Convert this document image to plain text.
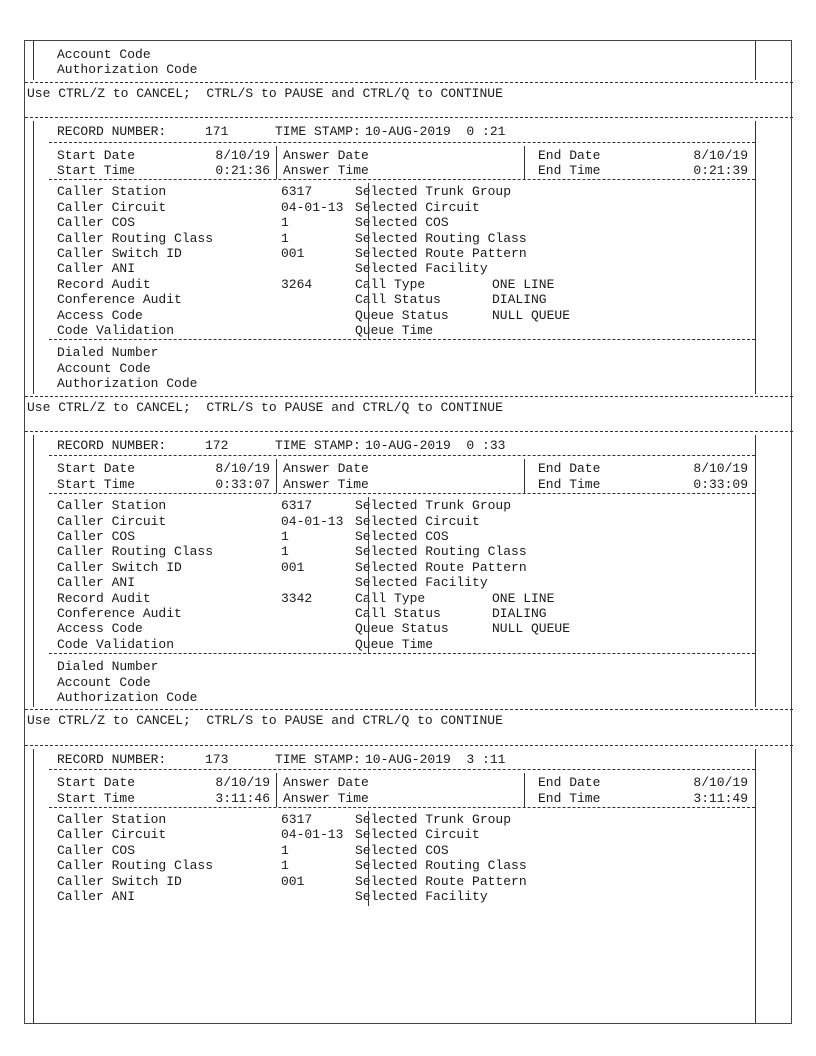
Account Code
Authorization Code
Use CTRL/Z to CANCEL;  CTRL/S to PAUSE and CTRL/Q to CONTINUE
RECORD NUMBER:	171	TIME STAMP: 10-AUG-2019  0 :21
Start Date	8/10/19 Answer Date	End Date	8/10/19
Start Time	0:21:36 Answer Time	End Time	0:21:39
Caller Station	6317	Selected Trunk Group
Caller Circuit	04-01-13 Selected Circuit
Caller COS	1	Selected COS
Caller Routing Class	1	Selected Routing Class
Caller Switch ID	001	Selected Route Pattern
Caller ANI	Selected Facility
Record Audit	3264	Call Type	ONE LINE
Conference Audit	Call Status	DIALING
Access Code	Queue Status	NULL QUEUE
Code Validation	Queue Time
Dialed Number
Account Code
Authorization Code
Use CTRL/Z to CANCEL;  CTRL/S to PAUSE and CTRL/Q to CONTINUE
RECORD NUMBER:	172	TIME STAMP: 10-AUG-2019  0 :33
Start Date	8/10/19 Answer Date	End Date	8/10/19
Start Time	0:33:07 Answer Time	End Time	0:33:09
Caller Station	6317	Selected Trunk Group
Caller Circuit	04-01-13 Selected Circuit
Caller COS	1	Selected COS
Caller Routing Class	1	Selected Routing Class
Caller Switch ID	001	Selected Route Pattern
Caller ANI	Selected Facility
Record Audit	3342	Call Type	ONE LINE
Conference Audit	Call Status	DIALING
Access Code	Queue Status	NULL QUEUE
Code Validation	Queue Time
Dialed Number
Account Code
Authorization Code
Use CTRL/Z to CANCEL;  CTRL/S to PAUSE and CTRL/Q to CONTINUE
RECORD NUMBER:	173	TIME STAMP: 10-AUG-2019  3 :11
Start Date	8/10/19 Answer Date	End Date	8/10/19
Start Time	3:11:46 Answer Time	End Time	3:11:49
Caller Station	6317	Selected Trunk Group
Caller Circuit	04-01-13 Selected Circuit
Caller COS	1	Selected COS
Caller Routing Class	1	Selected Routing Class
Caller Switch ID	001	Selected Route Pattern
Caller ANI	Selected Facility
